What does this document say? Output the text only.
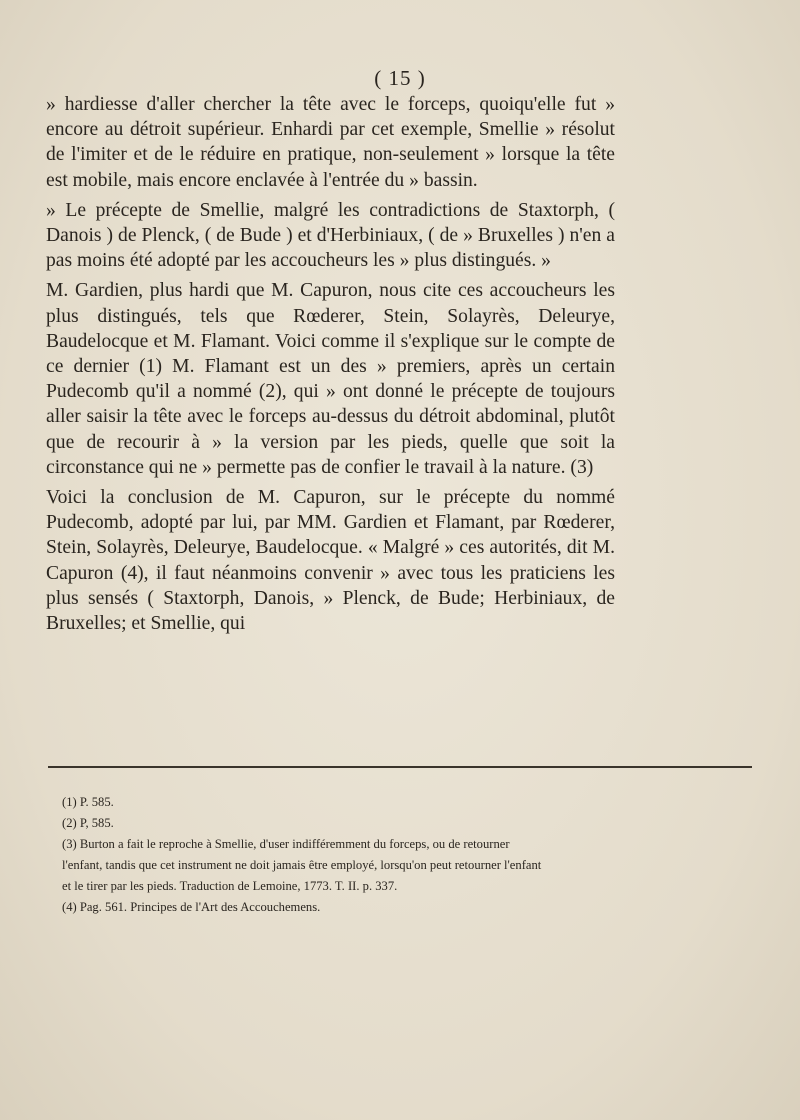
( 15 )

» hardiesse d'aller chercher la tête avec le forceps, quoiqu'elle fut » encore au détroit supérieur. Enhardi par cet exemple, Smellie » résolut de l'imiter et de le réduire en pratique, non-seulement » lorsque la tête est mobile, mais encore enclavée à l'entrée du » bassin.

» Le précepte de Smellie, malgré les contradictions de Staxtorph, ( Danois ) de Plenck, ( de Bude ) et d'Herbiniaux, ( de » Bruxelles ) n'en a pas moins été adopté par les accoucheurs les » plus distingués. »

M. Gardien, plus hardi que M. Capuron, nous cite ces accoucheurs les plus distingués, tels que Rœderer, Stein, Solayrès, Deleurye, Baudelocque et M. Flamant. Voici comme il s'explique sur le compte de ce dernier (1) M. Flamant est un des » premiers, après un certain Pudecomb qu'il a nommé (2), qui » ont donné le précepte de toujours aller saisir la tête avec le forceps au-dessus du détroit abdominal, plutôt que de recourir à » la version par les pieds, quelle que soit la circonstance qui ne » permette pas de confier le travail à la nature. (3)

Voici la conclusion de M. Capuron, sur le précepte du nommé Pudecomb, adopté par lui, par MM. Gardien et Flamant, par Rœderer, Stein, Solayrès, Deleurye, Baudelocque. « Malgré » ces autorités, dit M. Capuron (4), il faut néanmoins convenir » avec tous les praticiens les plus sensés ( Staxtorph, Danois, » Plenck, de Bude; Herbiniaux, de Bruxelles; et Smellie, qui

(1) P. 585.
(2) P, 585.
(3) Burton a fait le reproche à Smellie, d'user indifféremment du forceps, ou de retourner
l'enfant, tandis que cet instrument ne doit jamais être employé, lorsqu'on peut retourner l'enfant
et le tirer par les pieds. Traduction de Lemoine, 1773. T. II. p. 337.
(4) Pag. 561. Principes de l'Art des Accouchemens.
